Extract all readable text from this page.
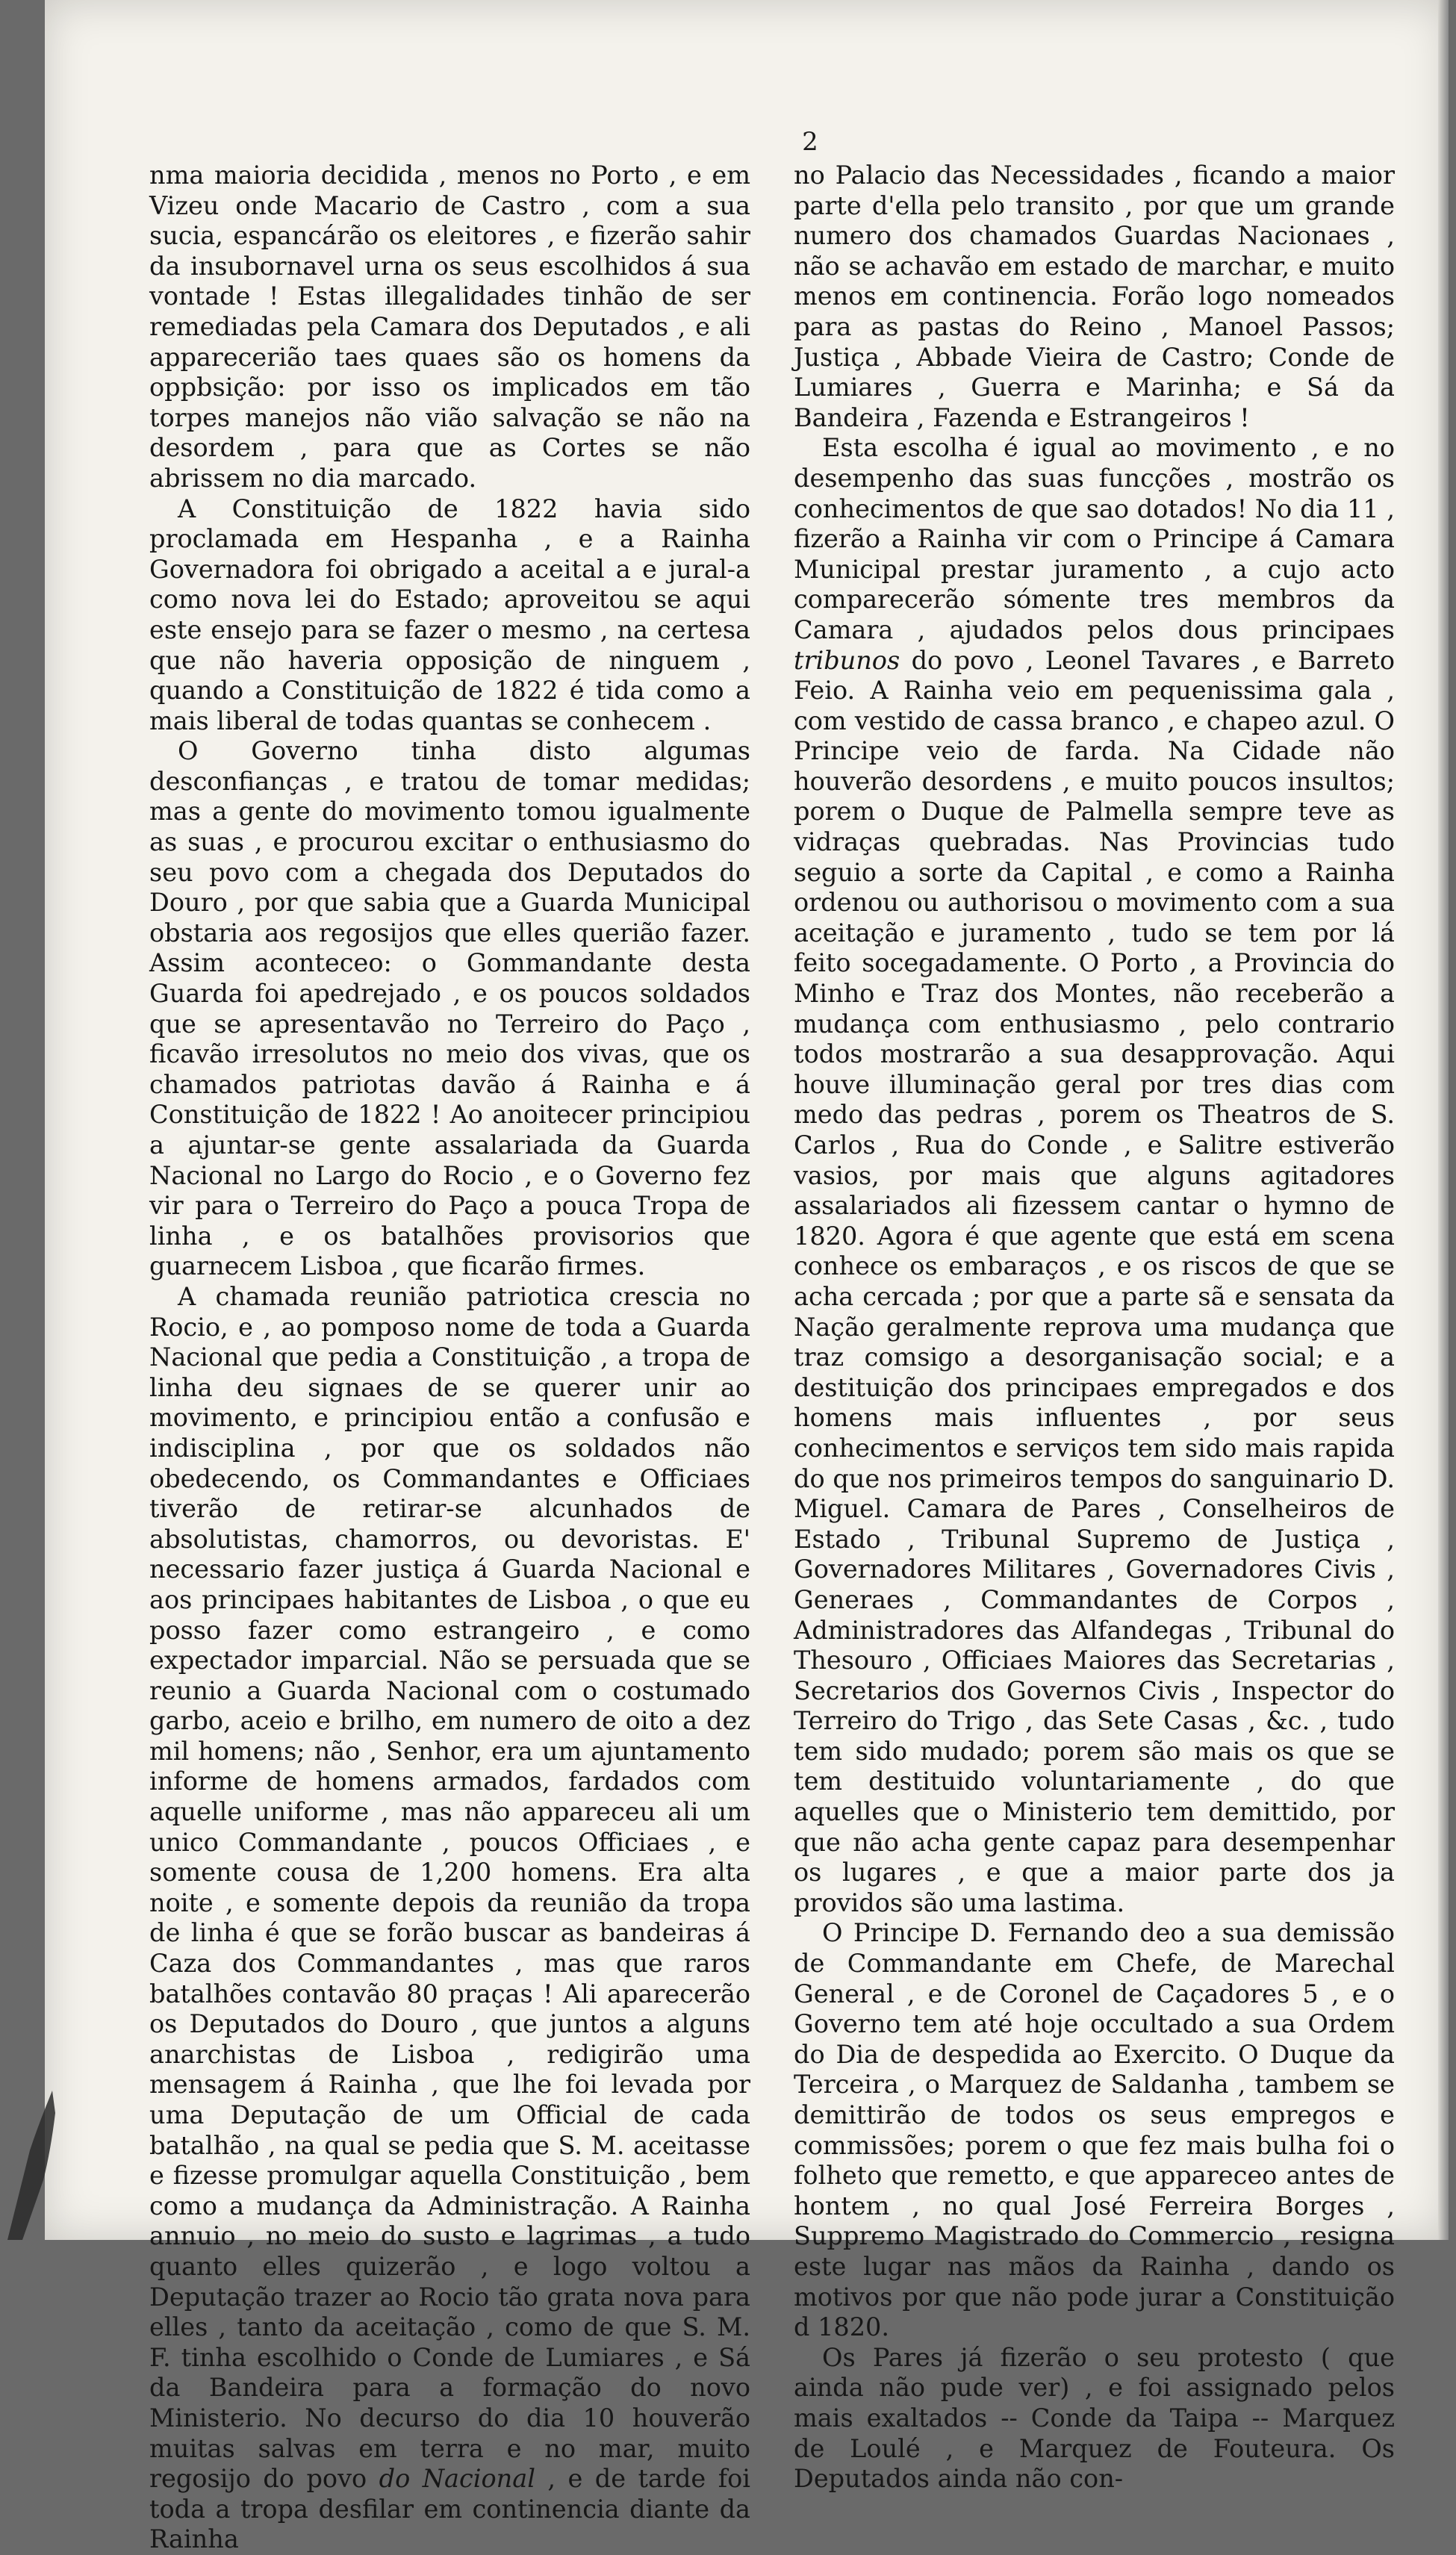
2

nma maioria decidida , menos no Porto , e em Vizeu onde Macario de Castro , com a sua sucia, espancárão os eleitores , e fizerão sahir da insubornavel urna os seus escolhidos á sua vontade ! Estas illegalidades tinhão de ser remediadas pela Camara dos Deputados , e ali apparecerião taes quaes são os homens da oppbsição: por isso os implicados em tão torpes manejos não vião salvação se não na desordem , para que as Cortes se não abrissem no dia marcado.

A Constituição de 1822 havia sido proclamada em Hespanha , e a Rainha Governadora foi obrigado a aceital a e jural-a como nova lei do Estado; aproveitou se aqui este ensejo para se fazer o mesmo , na certesa que não haveria opposição de ninguem , quando a Constituição de 1822 é tida como a mais liberal de todas quantas se conhecem .

O Governo tinha disto algumas desconfianças , e tratou de tomar medidas; mas a gente do movimento tomou igualmente as suas , e procurou excitar o enthusiasmo do seu povo com a chegada dos Deputados do Douro , por que sabia que a Guarda Municipal obstaria aos regosijos que elles querião fazer. Assim aconteceo: o Gommandante desta Guarda foi apedrejado , e os poucos soldados que se apresentavão no Terreiro do Paço , ficavão irresolutos no meio dos vivas, que os chamados patriotas davão á Rainha e á Constituição de 1822 ! Ao anoitecer principiou a ajuntar-se gente assalariada da Guarda Nacional no Largo do Rocio , e o Governo fez vir para o Terreiro do Paço a pouca Tropa de linha , e os batalhões provisorios que guarnecem Lisboa , que ficarão firmes.

A chamada reunião patriotica crescia no Rocio, e , ao pomposo nome de toda a Guarda Nacional que pedia a Constituição , a tropa de linha deu signaes de se querer unir ao movimento, e principiou então a confusão e indisciplina , por que os soldados não obedecendo, os Commandantes e Officiaes tiverão de retirar-se alcunhados de absolutistas, chamorros, ou devoristas. E' necessario fazer justiça á Guarda Nacional e aos principaes habitantes de Lisboa , o que eu posso fazer como estrangeiro , e como expectador imparcial. Não se persuada que se reunio a Guarda Nacional com o costumado garbo, aceio e brilho, em numero de oito a dez mil homens; não , Senhor, era um ajuntamento informe de homens armados, fardados com aquelle uniforme , mas não appareceu ali um unico Commandante , poucos Officiaes , e somente cousa de 1,200 homens. Era alta noite , e somente depois da reunião da tropa de linha é que se forão buscar as bandeiras á Caza dos Commandantes , mas que raros batalhões contavão 80 praças ! Ali aparecerão os Deputados do Douro , que juntos a alguns anarchistas de Lisboa , redigirão uma mensagem á Rainha , que lhe foi levada por uma Deputação de um Official de cada batalhão , na qual se pedia que S. M. aceitasse e fizesse promulgar aquella Constituição , bem como a mudança da Administração. A Rainha annuio , no meio do susto e lagrimas , a tudo quanto elles quizerão , e logo voltou a Deputação trazer ao Rocio tão grata nova para elles , tanto da aceitação , como de que S. M. F. tinha escolhido o Conde de Lumiares , e Sá da Bandeira para a formação do novo Ministerio. No decurso do dia 10 houverão muitas salvas em terra e no mar, muito regosijo do povo do Nacional , e de tarde foi toda a tropa desfilar em continencia diante da Rainha

no Palacio das Necessidades , ficando a maior parte d'ella pelo transito , por que um grande numero dos chamados Guardas Nacionaes , não se achavão em estado de marchar, e muito menos em continencia. Forão logo nomeados para as pastas do Reino , Manoel Passos; Justiça , Abbade Vieira de Castro; Conde de Lumiares , Guerra e Marinha; e Sá da Bandeira , Fazenda e Estrangeiros !

Esta escolha é igual ao movimento , e no desempenho das suas funcções , mostrão os conhecimentos de que sao dotados! No dia 11 , fizerão a Rainha vir com o Principe á Camara Municipal prestar juramento , a cujo acto comparecerão sómente tres membros da Camara , ajudados pelos dous principaes tribunos do povo , Leonel Tavares , e Barreto Feio. A Rainha veio em pequenissima gala , com vestido de cassa branco , e chapeo azul. O Principe veio de farda. Na Cidade não houverão desordens , e muito poucos insultos; porem o Duque de Palmella sempre teve as vidraças quebradas. Nas Provincias tudo seguio a sorte da Capital , e como a Rainha ordenou ou authorisou o movimento com a sua aceitação e juramento , tudo se tem por lá feito socegadamente. O Porto , a Provincia do Minho e Traz dos Montes, não receberão a mudança com enthusiasmo , pelo contrario todos mostrarão a sua desapprovação. Aqui houve illuminação geral por tres dias com medo das pedras , porem os Theatros de S. Carlos , Rua do Conde , e Salitre estiverão vasios, por mais que alguns agitadores assalariados ali fizessem cantar o hymno de 1820. Agora é que agente que está em scena conhece os embaraços , e os riscos de que se acha cercada ; por que a parte sã e sensata da Nação geralmente reprova uma mudança que traz comsigo a desorganisação social; e a destituição dos principaes empregados e dos homens mais influentes , por seus conhecimentos e serviços tem sido mais rapida do que nos primeiros tempos do sanguinario D. Miguel. Camara de Pares , Conselheiros de Estado , Tribunal Supremo de Justiça , Governadores Militares , Governadores Civis , Generaes , Commandantes de Corpos , Administradores das Alfandegas , Tribunal do Thesouro , Officiaes Maiores das Secretarias , Secretarios dos Governos Civis , Inspector do Terreiro do Trigo , das Sete Casas , &c. , tudo tem sido mudado; porem são mais os que se tem destituido voluntariamente , do que aquelles que o Ministerio tem demittido, por que não acha gente capaz para desempenhar os lugares , e que a maior parte dos ja providos são uma lastima.

O Principe D. Fernando deo a sua demissão de Commandante em Chefe, de Marechal General , e de Coronel de Caçadores 5 , e o Governo tem até hoje occultado a sua Ordem do Dia de despedida ao Exercito. O Duque da Terceira , o Marquez de Saldanha , tambem se demittirão de todos os seus empregos e commissões; porem o que fez mais bulha foi o folheto que remetto, e que appareceo antes de hontem , no qual José Ferreira Borges , Suppremo Magistrado do Commercio , resigna este lugar nas mãos da Rainha , dando os motivos por que não pode jurar a Constituição d 1820.

Os Pares já fizerão o seu protesto ( que ainda não pude ver) , e foi assignado pelos mais exaltados -- Conde da Taipa -- Marquez de Loulé , e Marquez de Fouteura. Os Deputados ainda não con-
